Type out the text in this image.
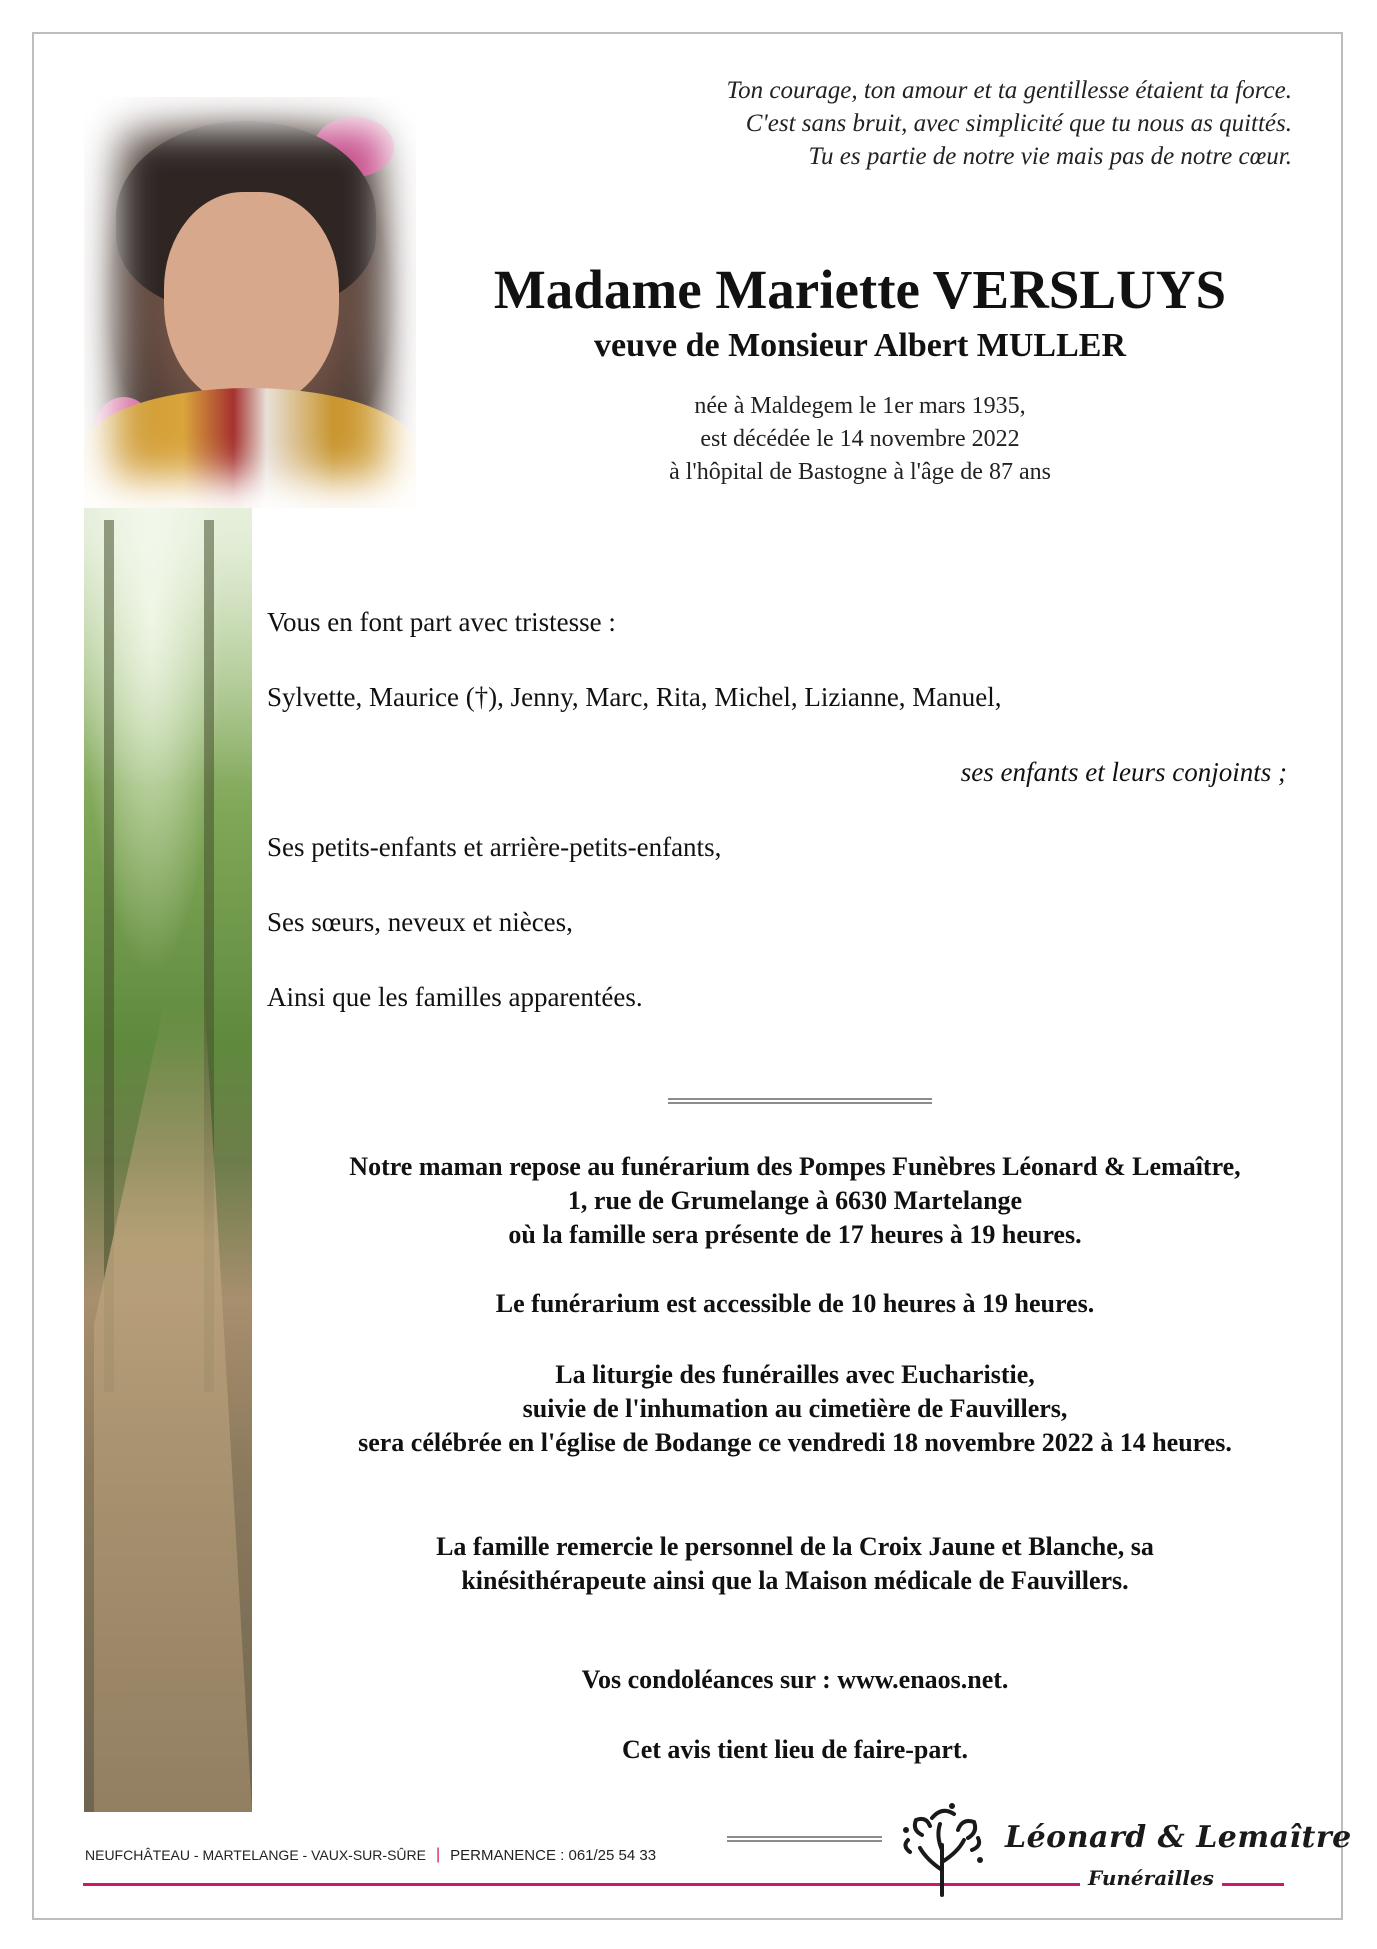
Ton courage, ton amour et ta gentillesse étaient ta force.
C'est sans bruit, avec simplicité que tu nous as quittés.
Tu es partie de notre vie mais pas de notre cœur.
Madame Mariette VERSLUYS
veuve de Monsieur Albert MULLER
née à Maldegem le 1er mars 1935,
est décédée le 14 novembre 2022
à l'hôpital de Bastogne à l'âge de 87 ans
Vous en font part avec tristesse :
Sylvette, Maurice (†), Jenny, Marc, Rita, Michel, Lizianne, Manuel,
ses enfants et leurs conjoints ;
Ses petits-enfants et arrière-petits-enfants,
Ses sœurs, neveux et nièces,
Ainsi que les familles apparentées.
Notre maman repose au funérarium des Pompes Funèbres Léonard & Lemaître,
1, rue de Grumelange à 6630 Martelange
où la famille sera présente de 17 heures à 19 heures.
Le funérarium est accessible de 10 heures à 19 heures.
La liturgie des funérailles avec Eucharistie,
suivie de l'inhumation au cimetière de Fauvillers,
sera célébrée en l'église de Bodange ce vendredi 18 novembre 2022 à 14 heures.
La famille remercie le personnel de la Croix Jaune et Blanche, sa
kinésithérapeute ainsi que la Maison médicale de Fauvillers.
Vos condoléances sur : www.enaos.net.
Cet avis tient lieu de faire-part.
NEUFCHÂTEAU - MARTELANGE - VAUX-SUR-SÛRE | PERMANENCE : 061/25 54 33	Léonard & Lemaître
Funérailles
